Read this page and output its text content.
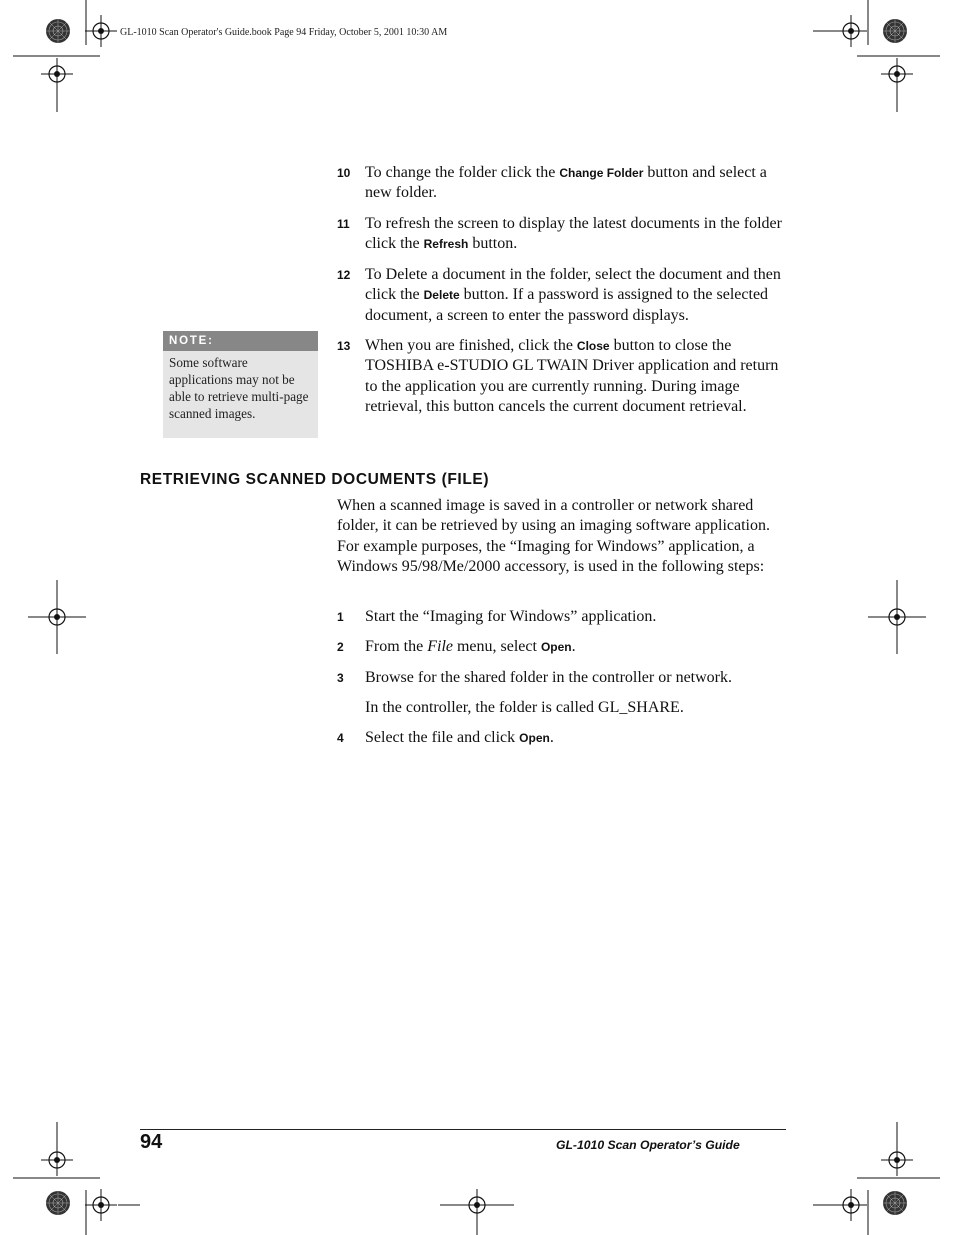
GL-1010 Scan Operator's Guide.book Page 94 Friday, October 5, 2001 10:30 AM
10 To change the folder click the Change Folder button and select a new folder.
11 To refresh the screen to display the latest documents in the folder click the Refresh button.
12 To Delete a document in the folder, select the document and then click the Delete button. If a password is assigned to the selected document, a screen to enter the password displays.
13 When you are finished, click the Close button to close the TOSHIBA e-STUDIO GL TWAIN Driver application and return to the application you are currently running. During image retrieval, this button cancels the current document retrieval.
NOTE:
Some software applications may not be able to retrieve multi-page scanned images.
RETRIEVING SCANNED DOCUMENTS (FILE)
When a scanned image is saved in a controller or network shared folder, it can be retrieved by using an imaging software application. For example purposes, the “Imaging for Windows” application, a Windows 95/98/Me/2000 accessory, is used in the following steps:
1 Start the “Imaging for Windows” application.
2 From the File menu, select Open.
3 Browse for the shared folder in the controller or network.
4 Select the file and click Open.
In the controller, the folder is called GL_SHARE.
94	GL-1010 Scan Operator’s Guide
